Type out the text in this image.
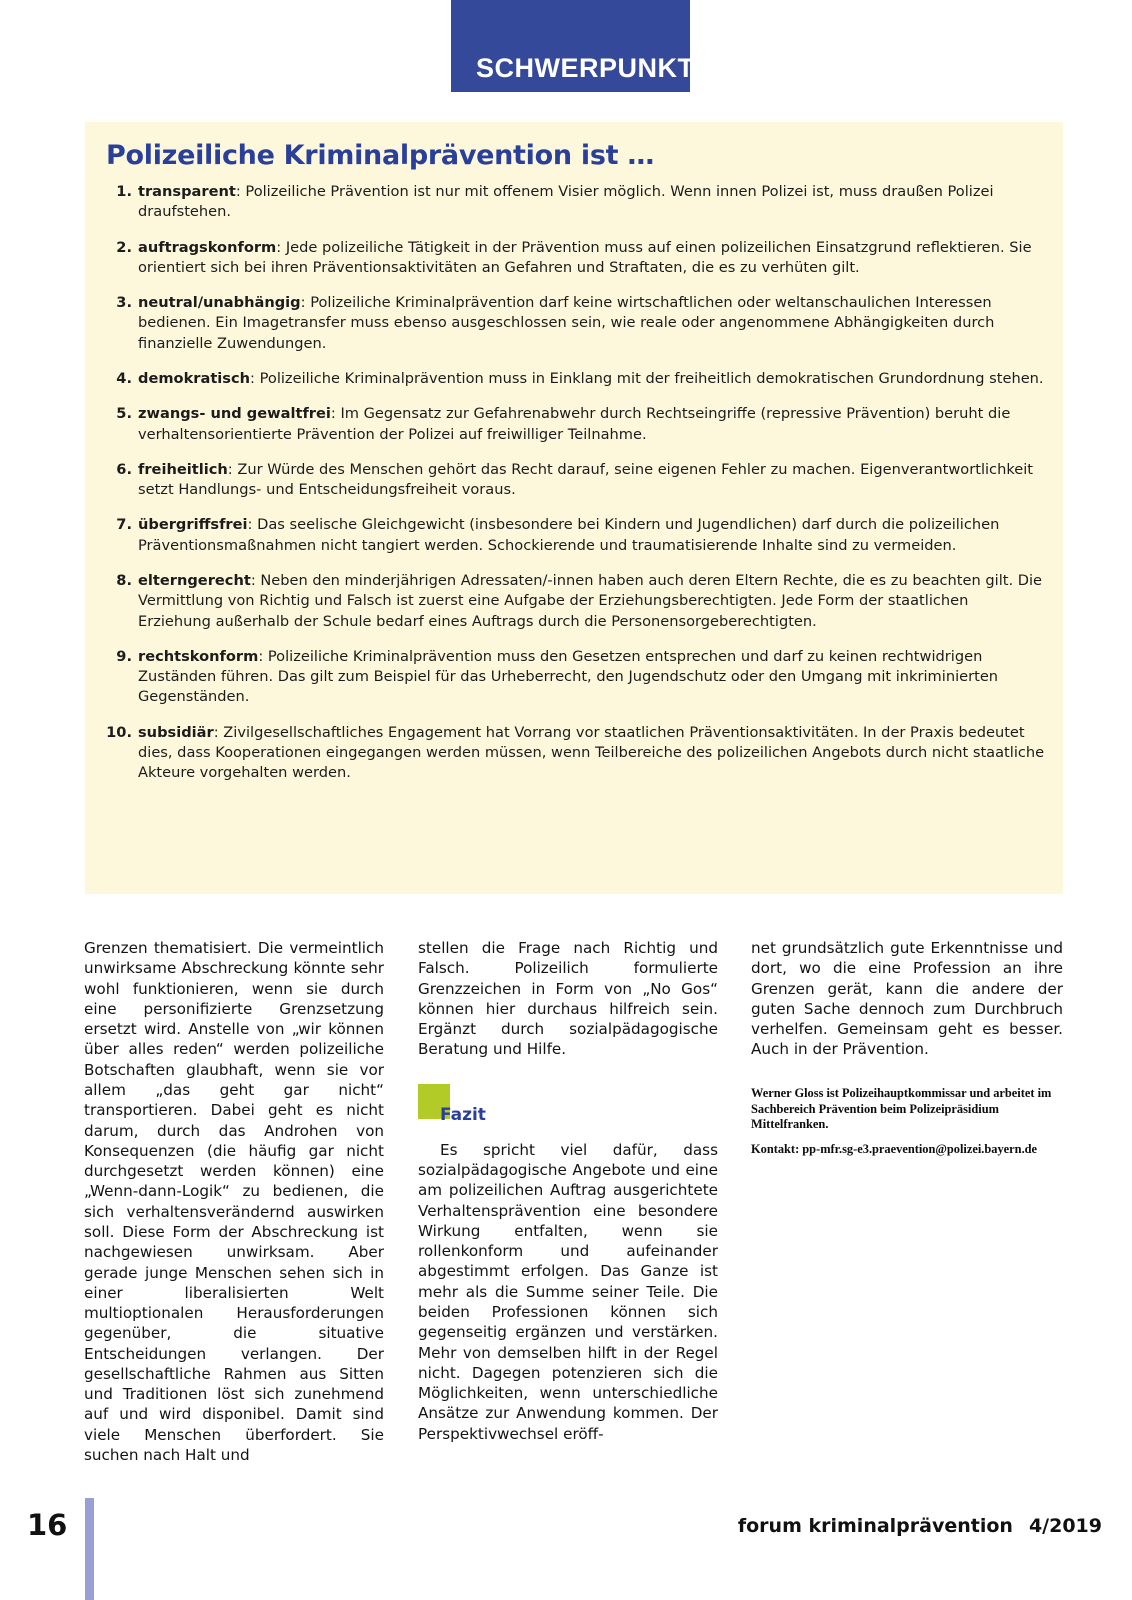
SCHWERPUNKT
Polizeiliche Kriminalprävention ist …
1. transparent: Polizeiliche Prävention ist nur mit offenem Visier möglich. Wenn innen Polizei ist, muss draußen Polizei draufstehen.
2. auftragskonform: Jede polizeiliche Tätigkeit in der Prävention muss auf einen polizeilichen Einsatzgrund reflektieren. Sie orientiert sich bei ihren Präventionsaktivitäten an Gefahren und Straftaten, die es zu verhüten gilt.
3. neutral/unabhängig: Polizeiliche Kriminalprävention darf keine wirtschaftlichen oder weltanschaulichen Interessen bedienen. Ein Imagetransfer muss ebenso ausgeschlossen sein, wie reale oder angenommene Abhängigkeiten durch finanzielle Zuwendungen.
4. demokratisch: Polizeiliche Kriminalprävention muss in Einklang mit der freiheitlich demokratischen Grundordnung stehen.
5. zwangs- und gewaltfrei: Im Gegensatz zur Gefahrenabwehr durch Rechtseingriffe (repressive Prävention) beruht die verhaltensorientierte Prävention der Polizei auf freiwilliger Teilnahme.
6. freiheitlich: Zur Würde des Menschen gehört das Recht darauf, seine eigenen Fehler zu machen. Eigenverantwortlichkeit setzt Handlungs- und Entscheidungsfreiheit voraus.
7. übergriffsfrei: Das seelische Gleichgewicht (insbesondere bei Kindern und Jugendlichen) darf durch die polizeilichen Präventionsmaßnahmen nicht tangiert werden. Schockierende und traumatisierende Inhalte sind zu vermeiden.
8. elterngerecht: Neben den minderjährigen Adressaten/-innen haben auch deren Eltern Rechte, die es zu beachten gilt. Die Vermittlung von Richtig und Falsch ist zuerst eine Aufgabe der Erziehungsberechtigten. Jede Form der staatlichen Erziehung außerhalb der Schule bedarf eines Auftrags durch die Personensorgeberechtigten.
9. rechtskonform: Polizeiliche Kriminalprävention muss den Gesetzen entsprechen und darf zu keinen rechtwidrigen Zuständen führen. Das gilt zum Beispiel für das Urheberrecht, den Jugendschutz oder den Umgang mit inkriminierten Gegenständen.
10. subsidiär: Zivilgesellschaftliches Engagement hat Vorrang vor staatlichen Präventionsaktivitäten. In der Praxis bedeutet dies, dass Kooperationen eingegangen werden müssen, wenn Teilbereiche des polizeilichen Angebots durch nicht staatliche Akteure vorgehalten werden.

Grenzen thematisiert. Die vermeintlich unwirksame Abschreckung könnte sehr wohl funktionieren, wenn sie durch eine personifizierte Grenzsetzung ersetzt wird. Anstelle von „wir können über alles reden“ werden polizeiliche Botschaften glaubhaft, wenn sie vor allem „das geht gar nicht“ transportieren. Dabei geht es nicht darum, durch das Androhen von Konsequenzen (die häufig gar nicht durchgesetzt werden können) eine „Wenn-dann-Logik“ zu bedienen, die sich verhaltensverändernd auswirken soll. Diese Form der Abschreckung ist nachgewiesen unwirksam. Aber gerade junge Menschen sehen sich in einer liberalisierten Welt multioptionalen Herausforderungen gegenüber, die situative Entscheidungen verlangen. Der gesellschaftliche Rahmen aus Sitten und Traditionen löst sich zunehmend auf und wird disponibel. Damit sind viele Menschen überfordert. Sie suchen nach Halt und

stellen die Frage nach Richtig und Falsch. Polizeilich formulierte Grenzzeichen in Form von „No Gos“ können hier durchaus hilfreich sein. Ergänzt durch sozialpädagogische Beratung und Hilfe.

Fazit

Es spricht viel dafür, dass sozialpädagogische Angebote und eine am polizeilichen Auftrag ausgerichtete Verhaltensprävention eine besondere Wirkung entfalten, wenn sie rollenkonform und aufeinander abgestimmt erfolgen. Das Ganze ist mehr als die Summe seiner Teile. Die beiden Professionen können sich gegenseitig ergänzen und verstärken. Mehr von demselben hilft in der Regel nicht. Dagegen potenzieren sich die Möglichkeiten, wenn unterschiedliche Ansätze zur Anwendung kommen. Der Perspektivwechsel eröff-

net grundsätzlich gute Erkenntnisse und dort, wo die eine Profession an ihre Grenzen gerät, kann die andere der guten Sache dennoch zum Durchbruch verhelfen. Gemeinsam geht es besser. Auch in der Prävention.

Werner Gloss ist Polizeihauptkommissar und arbeitet im Sachbereich Prävention beim Polizeipräsidium Mittelfranken.
Kontakt: pp-mfr.sg-e3.praevention@polizei.bayern.de
16	forum kriminalprävention 4/2019
